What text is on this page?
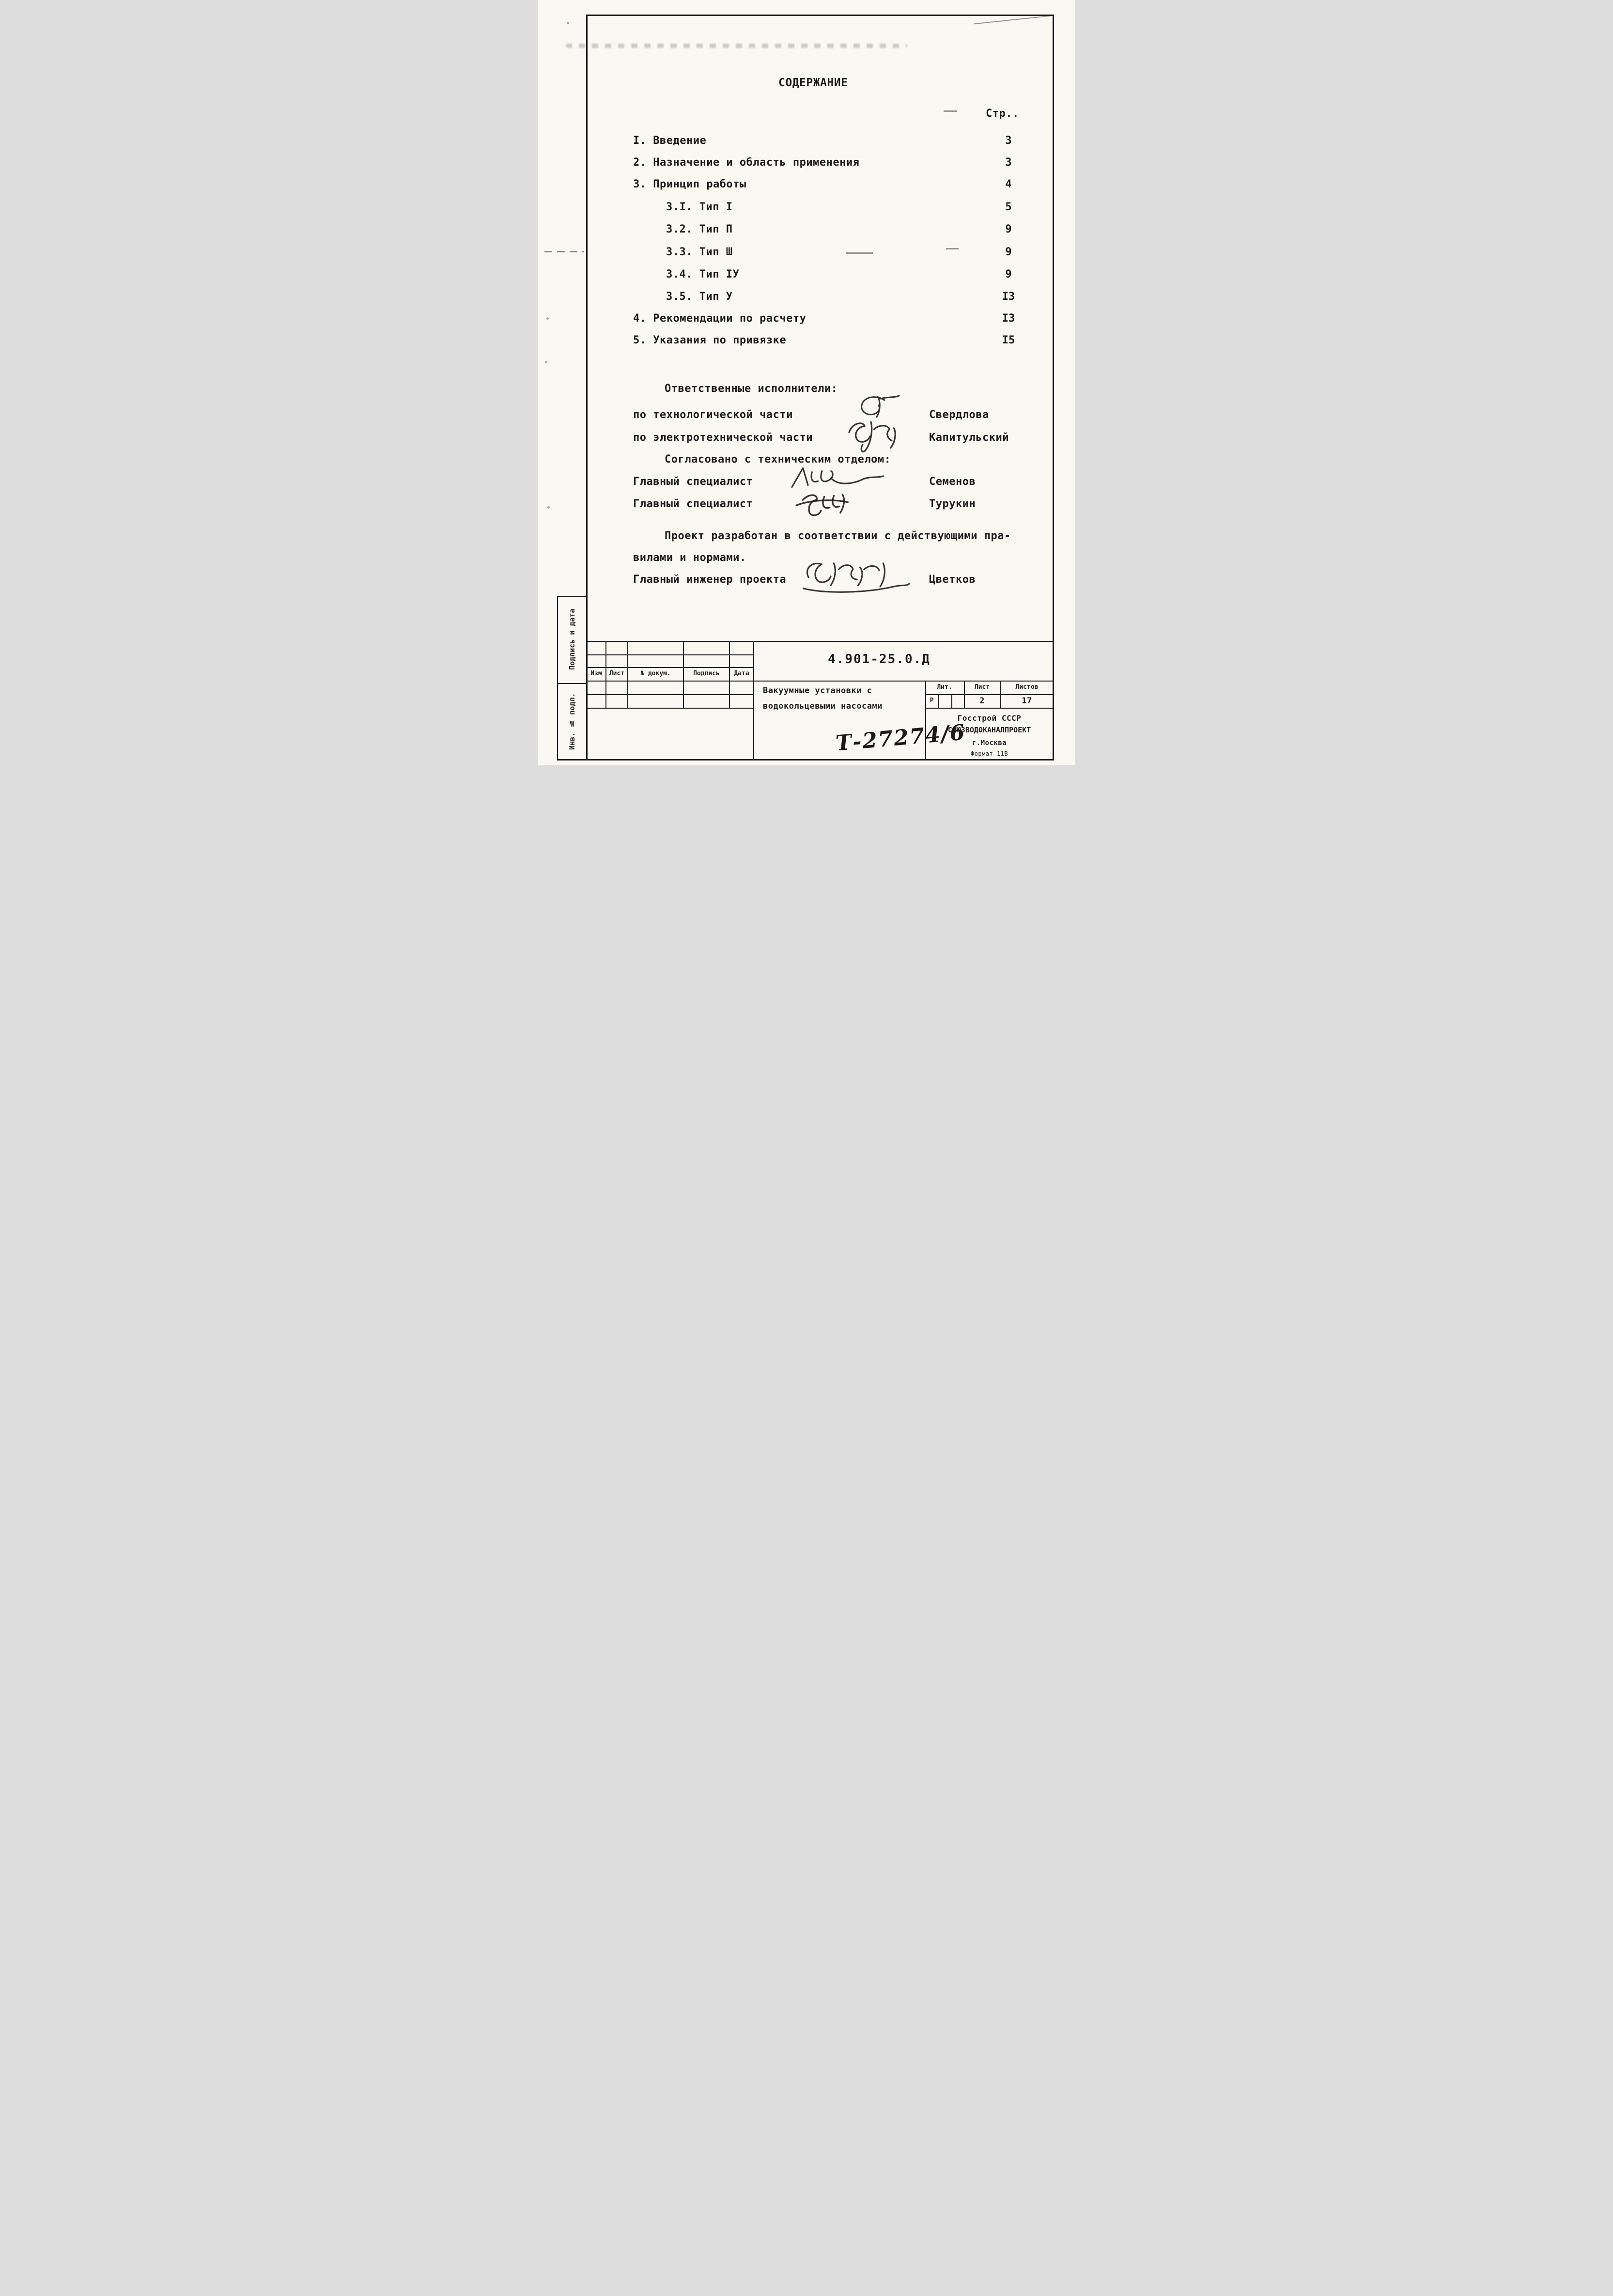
Подпись и дата
Инв. № подл.
СОДЕРЖАНИЕ
Стр..
I. Введение	3
2. Назначение и область применения	3
3. Принцип работы	4
3.I. Тип I	5
3.2. Тип П	9
3.3. Тип Ш	9
3.4. Тип IУ	9
3.5. Тип У	I3
4. Рекомендации по расчету	I3
5. Указания по привязке	I5
Ответственные исполнители:
по технологической части	Свердлова
по электротехнической части	Капитульский
Согласовано с техническим отделом:
Главный специалист	Семенов
Главный специалист	Турукин
Проект разработан в соответствии с действующими пра-
вилами и нормами.
Главный инженер проекта	Цветков
4.901-25.0.Д
Изм	Лист	№ докум.	Подпись	Дата
Вакуумные установки с
водокольцевыми насосами
Лит.	Лист	Листов
Р	2	17
Госстрой СССР
СОЮЗВОДОКАНАЛПРОЕКТ
г.Москва
Формат 11В
Т-27274/6
